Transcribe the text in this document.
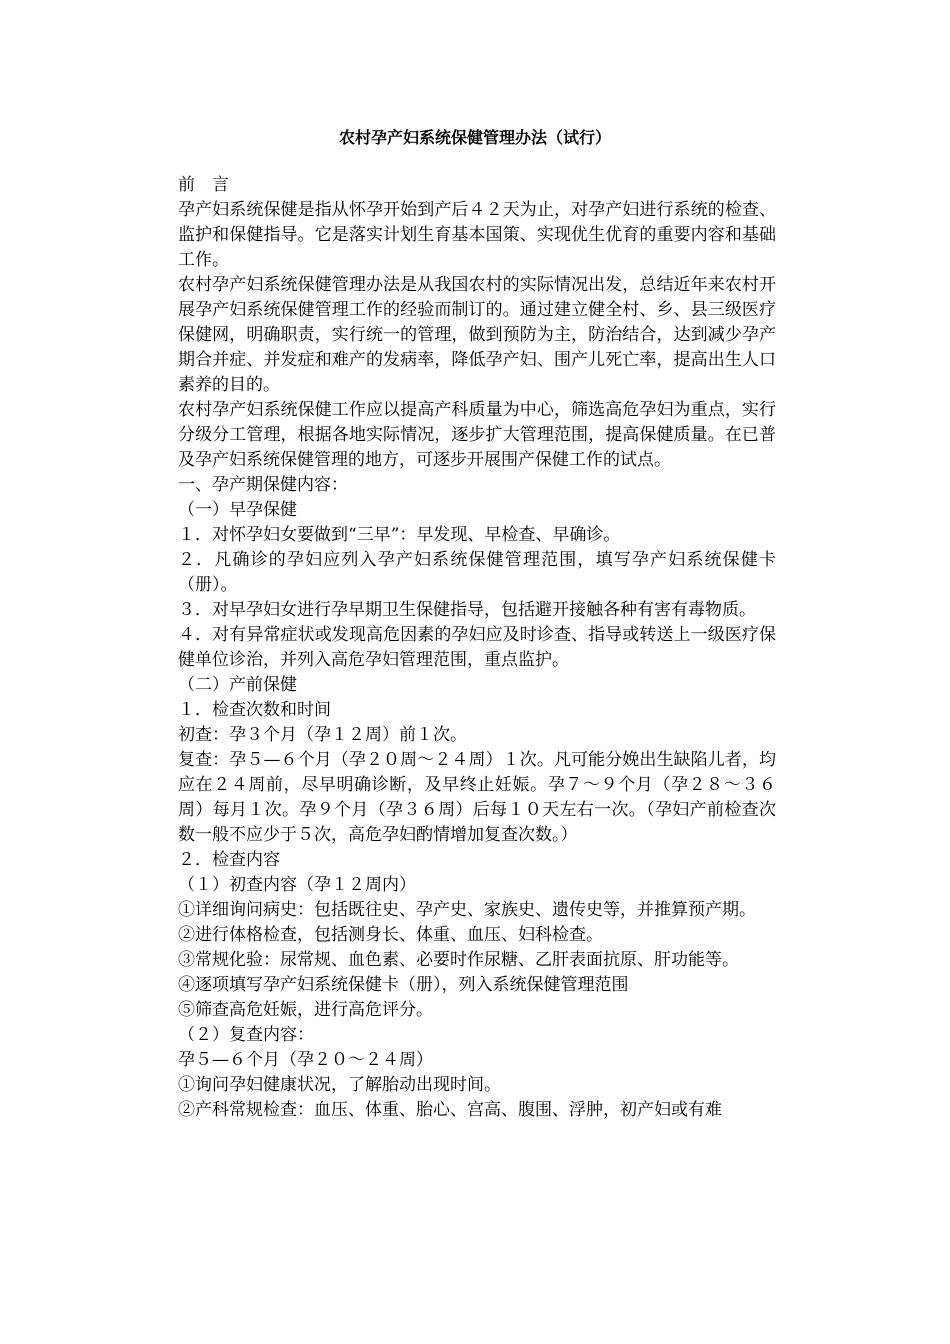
农村孕产妇系统保健管理办法（试行）

前　言

孕产妇系统保健是指从怀孕开始到产后４２天为止，对孕产妇进行系统的检查、监护和保健指导。它是落实计划生育基本国策、实现优生优育的重要内容和基础工作。

农村孕产妇系统保健管理办法是从我国农村的实际情况出发，总结近年来农村开展孕产妇系统保健管理工作的经验而制订的。通过建立健全村、乡、县三级医疗保健网，明确职责，实行统一的管理，做到预防为主，防治结合，达到减少孕产期合并症、并发症和难产的发病率，降低孕产妇、围产儿死亡率，提高出生人口素养的目的。

农村孕产妇系统保健工作应以提高产科质量为中心，筛选高危孕妇为重点，实行分级分工管理，根据各地实际情况，逐步扩大管理范围，提高保健质量。在已普及孕产妇系统保健管理的地方，可逐步开展围产保健工作的试点。

一、孕产期保健内容：

（一）早孕保健

１．对怀孕妇女要做到“三早”：早发现、早检查、早确诊。

２．凡确诊的孕妇应列入孕产妇系统保健管理范围，填写孕产妇系统保健卡（册）。

３．对早孕妇女进行孕早期卫生保健指导，包括避开接触各种有害有毒物质。

４．对有异常症状或发现高危因素的孕妇应及时诊查、指导或转送上一级医疗保健单位诊治，并列入高危孕妇管理范围，重点监护。

（二）产前保健

１．检查次数和时间

初查：孕３个月（孕１２周）前１次。

复查：孕５—６个月（孕２０周～２４周）１次。凡可能分娩出生缺陷儿者，均应在２４周前，尽早明确诊断，及早终止妊娠。孕７～９个月（孕２８～３６周）每月１次。孕９个月（孕３６周）后每１０天左右一次。（孕妇产前检查次数一般不应少于５次，高危孕妇酌情增加复查次数。）

２．检查内容

（１）初查内容（孕１２周内）

①详细询问病史：包括既往史、孕产史、家族史、遗传史等，并推算预产期。

②进行体格检查，包括测身长、体重、血压、妇科检查。

③常规化验：尿常规、血色素、必要时作尿糖、乙肝表面抗原、肝功能等。

④逐项填写孕产妇系统保健卡（册），列入系统保健管理范围

⑤筛查高危妊娠，进行高危评分。

（２）复查内容：

孕５—６个月（孕２０～２４周）

①询问孕妇健康状况，了解胎动出现时间。

②产科常规检查：血压、体重、胎心、宫高、腹围、浮肿，初产妇或有难
